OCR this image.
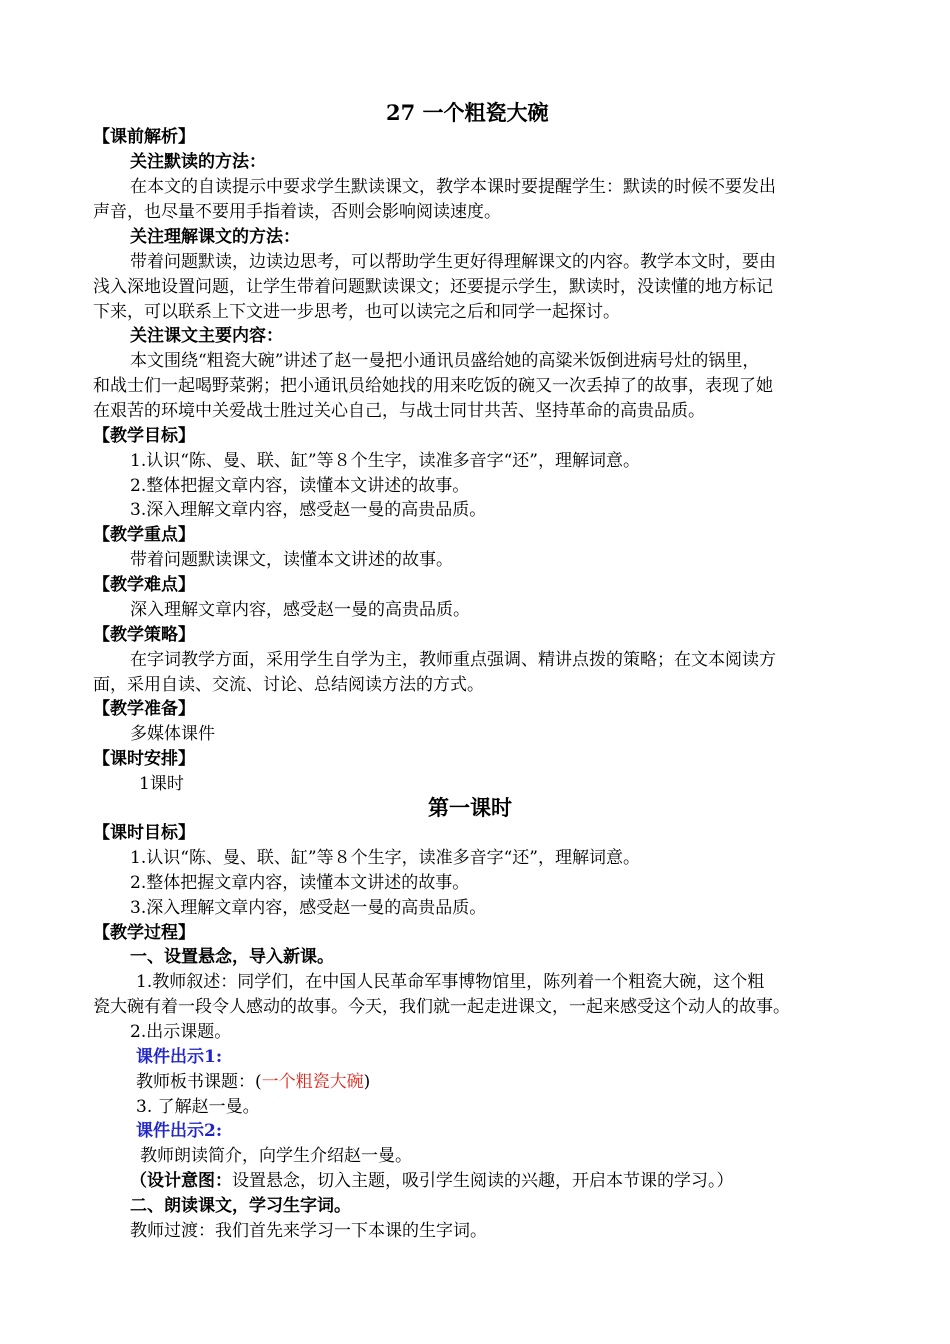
27 一个粗瓷大碗
【课前解析】
关注默读的方法：
在本文的自读提示中要求学生默读课文，教学本课时要提醒学生：默读的时候不要发出
声音，也尽量不要用手指着读，否则会影响阅读速度。
关注理解课文的方法：
带着问题默读，边读边思考，可以帮助学生更好得理解课文的内容。教学本文时，要由
浅入深地设置问题，让学生带着问题默读课文；还要提示学生，默读时，没读懂的地方标记
下来，可以联系上下文进一步思考，也可以读完之后和同学一起探讨。
关注课文主要内容：
本文围绕“粗瓷大碗”讲述了赵一曼把小通讯员盛给她的高粱米饭倒进病号灶的锅里，
和战士们一起喝野菜粥；把小通讯员给她找的用来吃饭的碗又一次丢掉了的故事，表现了她
在艰苦的环境中关爱战士胜过关心自己，与战士同甘共苦、坚持革命的高贵品质。
【教学目标】
1.认识“陈、曼、联、缸”等８个生字，读准多音字“还”，理解词意。
2.整体把握文章内容，读懂本文讲述的故事。
3.深入理解文章内容，感受赵一曼的高贵品质。
【教学重点】
带着问题默读课文，读懂本文讲述的故事。
【教学难点】
深入理解文章内容，感受赵一曼的高贵品质。
【教学策略】
在字词教学方面，采用学生自学为主，教师重点强调、精讲点拨的策略；在文本阅读方
面，采用自读、交流、讨论、总结阅读方法的方式。
【教学准备】
多媒体课件
【课时安排】
1课时
第一课时
【课时目标】
1.认识“陈、曼、联、缸”等８个生字，读准多音字“还”，理解词意。
2.整体把握文章内容，读懂本文讲述的故事。
3.深入理解文章内容，感受赵一曼的高贵品质。
【教学过程】
一、设置悬念，导入新课。
1.教师叙述：同学们，在中国人民革命军事博物馆里，陈列着一个粗瓷大碗，这个粗
瓷大碗有着一段令人感动的故事。今天，我们就一起走进课文，一起来感受这个动人的故事。
2.出示课题。
课件出示1:
教师板书课题：(一个粗瓷大碗)
3. 了解赵一曼。
课件出示2:
教师朗读简介，向学生介绍赵一曼。
（设计意图：设置悬念，切入主题，吸引学生阅读的兴趣，开启本节课的学习。）
二、朗读课文，学习生字词。
教师过渡：我们首先来学习一下本课的生字词。
